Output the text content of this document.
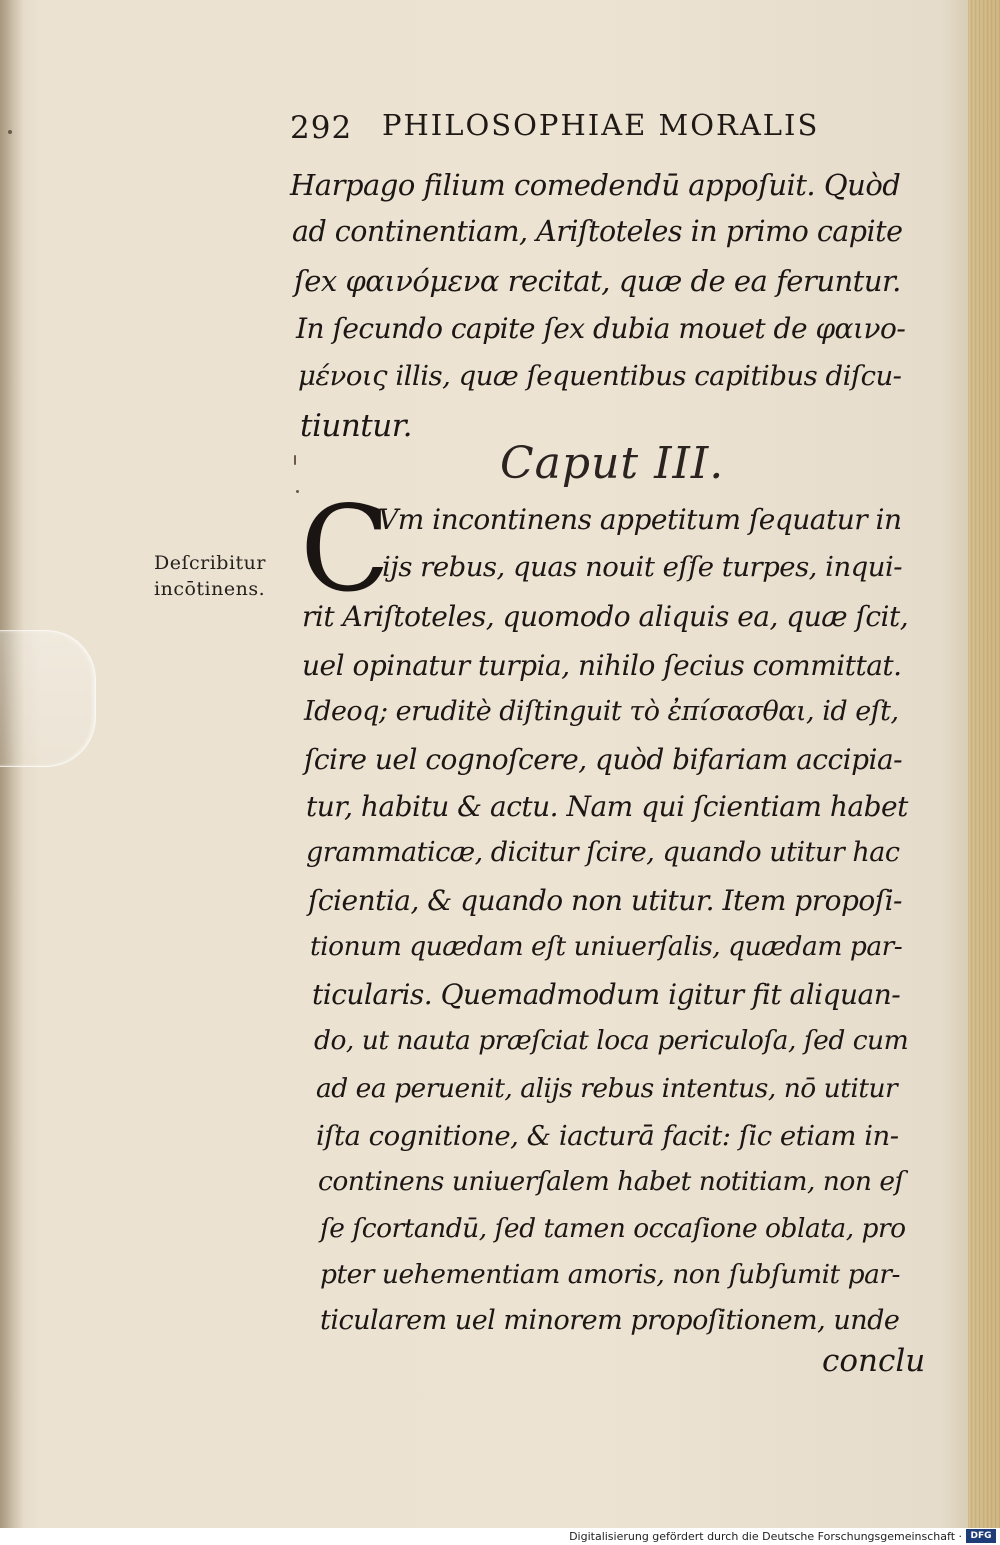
292 PHILOSOPHIAE MORALIS
Harpago filium comedendū appoſuit. Quòd
ad continentiam, Ariſtoteles in primo capite
ſex φαινόμενα recitat, quæ de ea feruntur.
In ſecundo capite ſex dubia mouet de φαινο-
μένοις illis, quæ ſequentibus capitibus diſcu-
tiuntur.
Caput III.
C
Deſcribitur
incōtinens.
Vm incontinens appetitum ſequatur in
ijs rebus, quas nouit eſſe turpes, inqui-
rit Ariſtoteles, quomodo aliquis ea, quæ ſcit,
uel opinatur turpia, nihilo ſecius committat.
Ideoq; eruditè diſtinguit τὸ ἐπίσασθαι, id eſt,
ſcire uel cognoſcere, quòd bifariam accipia-
tur, habitu & actu. Nam qui ſcientiam habet
grammaticæ, dicitur ſcire, quando utitur hac
ſcientia, & quando non utitur. Item propoſi-
tionum quædam eſt uniuerſalis, quædam par-
ticularis. Quemadmodum igitur fit aliquan-
do, ut nauta præſciat loca periculoſa, ſed cum
ad ea peruenit, alijs rebus intentus, nō utitur
iſta cognitione, & iacturā facit: ſic etiam in-
continens uniuerſalem habet notitiam, non eſ
ſe ſcortandū, ſed tamen occaſione oblata, pro
pter uehementiam amoris, non ſubſumit par-
ticularem uel minorem propoſitionem, unde
conclu
Digitalisierung gefördert durch die Deutsche Forschungsgemeinschaft · DFG
